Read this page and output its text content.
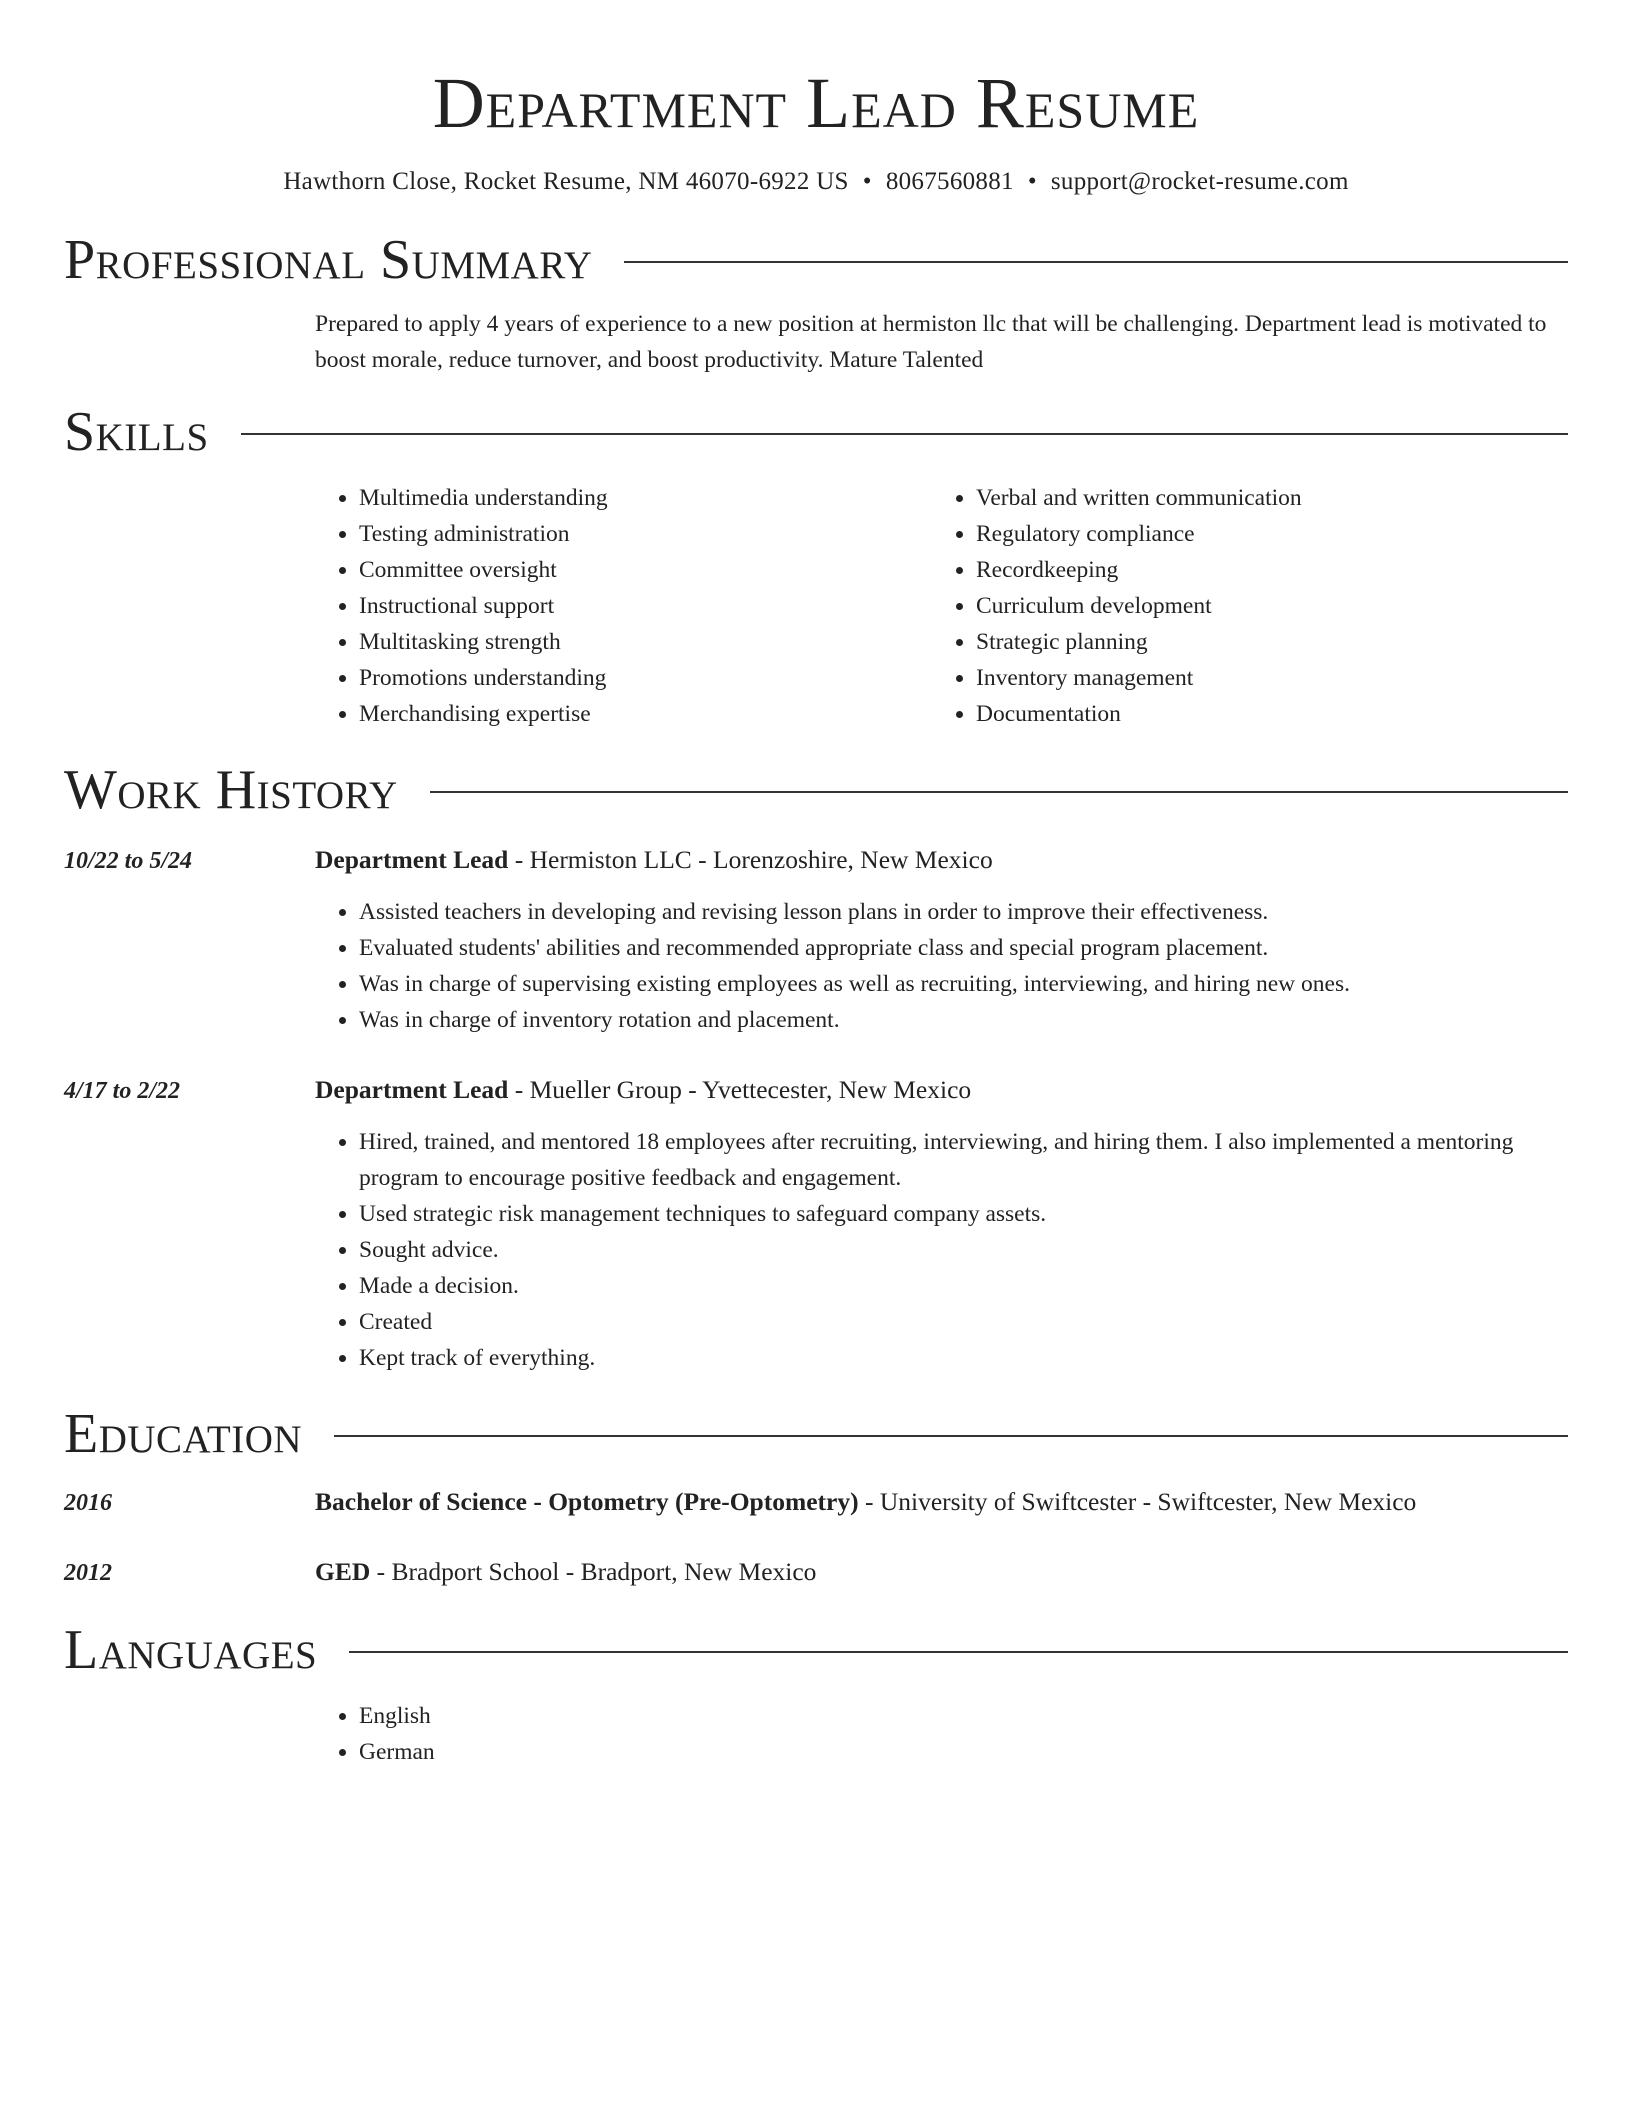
Department Lead Resume
Hawthorn Close, Rocket Resume, NM 46070-6922 US • 8067560881 • support@rocket-resume.com
Professional Summary
Prepared to apply 4 years of experience to a new position at hermiston llc that will be challenging. Department lead is motivated to boost morale, reduce turnover, and boost productivity. Mature Talented
Skills
• Multimedia understanding
• Testing administration
• Committee oversight
• Instructional support
• Multitasking strength
• Promotions understanding
• Merchandising expertise
• Verbal and written communication
• Regulatory compliance
• Recordkeeping
• Curriculum development
• Strategic planning
• Inventory management
• Documentation
Work History
10/22 to 5/24	Department Lead - Hermiston LLC - Lorenzoshire, New Mexico
• Assisted teachers in developing and revising lesson plans in order to improve their effectiveness.
• Evaluated students' abilities and recommended appropriate class and special program placement.
• Was in charge of supervising existing employees as well as recruiting, interviewing, and hiring new ones.
• Was in charge of inventory rotation and placement.
4/17 to 2/22	Department Lead - Mueller Group - Yvettecester, New Mexico
• Hired, trained, and mentored 18 employees after recruiting, interviewing, and hiring them. I also implemented a mentoring program to encourage positive feedback and engagement.
• Used strategic risk management techniques to safeguard company assets.
• Sought advice.
• Made a decision.
• Created
• Kept track of everything.
Education
2016	Bachelor of Science - Optometry (Pre-Optometry) - University of Swiftcester - Swiftcester, New Mexico
2012	GED - Bradport School - Bradport, New Mexico
Languages
• English
• German
